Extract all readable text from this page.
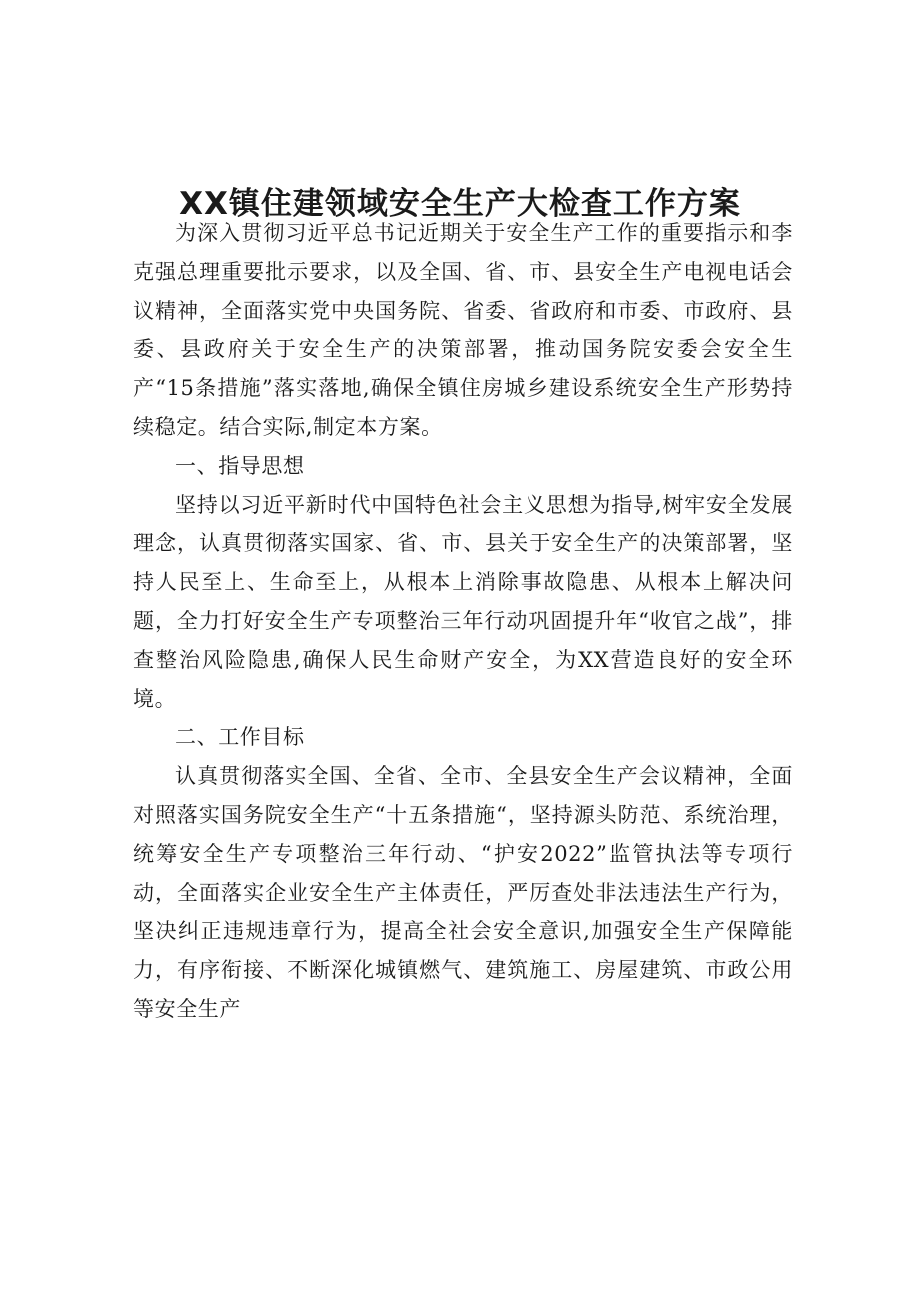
XX镇住建领域安全生产大检查工作方案

为深入贯彻习近平总书记近期关于安全生产工作的重要指示和李克强总理重要批示要求，以及全国、省、市、县安全生产电视电话会议精神，全面落实党中央国务院、省委、省政府和市委、市政府、县委、县政府关于安全生产的决策部署，推动国务院安委会安全生产“15条措施”落实落地,确保全镇住房城乡建设系统安全生产形势持续稳定。结合实际,制定本方案。

一、指导思想

坚持以习近平新时代中国特色社会主义思想为指导,树牢安全发展理念，认真贯彻落实国家、省、市、县关于安全生产的决策部署，坚持人民至上、生命至上，从根本上消除事故隐患、从根本上解决问题，全力打好安全生产专项整治三年行动巩固提升年“收官之战”，排查整治风险隐患,确保人民生命财产安全，为XX营造良好的安全环境。

二、工作目标

认真贯彻落实全国、全省、全市、全县安全生产会议精神，全面对照落实国务院安全生产“十五条措施“，坚持源头防范、系统治理，统筹安全生产专项整治三年行动、“护安2022”监管执法等专项行动，全面落实企业安全生产主体责任，严厉查处非法违法生产行为，坚决纠正违规违章行为，提高全社会安全意识,加强安全生产保障能力，有序衔接、不断深化城镇燃气、建筑施工、房屋建筑、市政公用等安全生产
